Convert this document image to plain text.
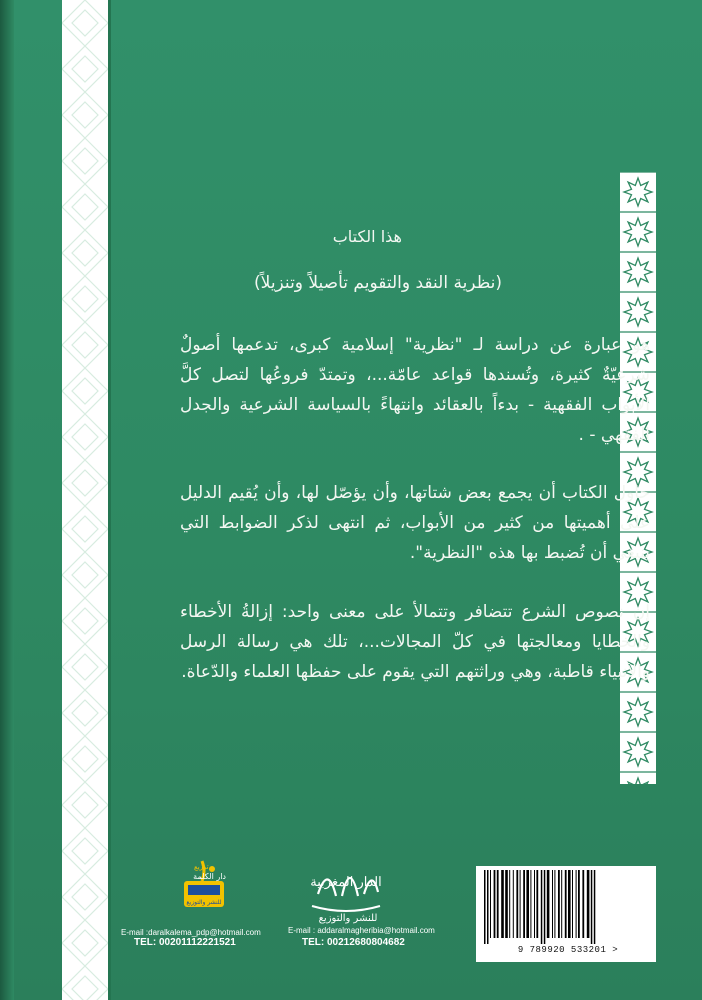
هذا الكتاب
(نظرية النقد والتقويم تأصيلاً وتنزيلاً)

هو عبارة عن دراسة لـ "نظرية" إسلامية كبرى، تدعمها أصولٌ شرعيّةٌ كثيرة، وتُسندها قواعد عامّة...، وتمتدّ فروعُها لتصل كلَّ الأبواب الفقهية - بدءاً بالعقائد وانتهاءً بالسياسة الشرعية والجدل الفقهي - .

حاول الكتاب أن يجمع بعض شتاتها، وأن يؤصّل لها، وأن يُقيم الدليل على أهميتها من كثير من الأبواب، ثم انتهى لذكر الضوابط التي ينبغي أن تُضبط بها هذه "النظرية".

إن نصوص الشرع تتضافر وتتمالأ على معنى واحد: إزالةُ الأخطاء والخطايا ومعالجتها في كلّ المجالات...، تلك هي رسالة الرسل والأنبياء قاطبة، وهي وراثتهم التي يقوم على حفظها العلماء والدّعاة.

توزيع
دار الكلمة
للنشر والتوزيع
E-mail :daralkalema_pdp@hotmail.com
TEL: 00201112221521
الدار المغربية
للنشر والتوزيع
E-mail : addaralmagheribia@hotmail.com
TEL: 00212680804682
9 789920 533201 >
